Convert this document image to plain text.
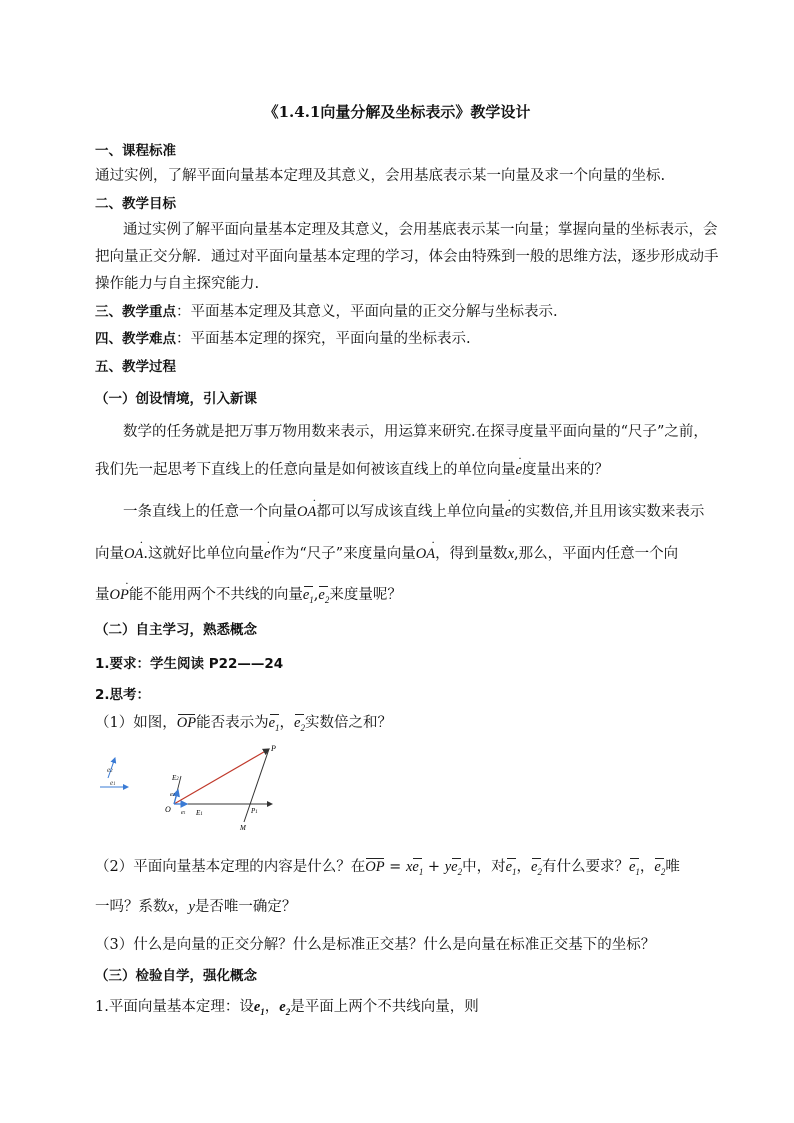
《1.4.1向量分解及坐标表示》教学设计
一、课程标准
通过实例，了解平面向量基本定理及其意义，会用基底表示某一向量及求一个向量的坐标.
二、教学目标
通过实例了解平面向量基本定理及其意义，会用基底表示某一向量；掌握向量的坐标表示，会
把向量正交分解．通过对平面向量基本定理的学习，体会由特殊到一般的思维方法，逐步形成动手
操作能力与自主探究能力.
三、教学重点：平面基本定理及其意义，平面向量的正交分解与坐标表示.
四、教学难点：平面基本定理的探究，平面向量的坐标表示.
五、教学过程
（一）创设情境，引入新课
数学的任务就是把万事万物用数来表示，用运算来研究.在探寻度量平面向量的“尺子”之前，
我们先一起思考下直线上的任意向量是如何被该直线上的单位向量e ·度量出来的？
一条直线上的任意一个向量OA ·都可以写成该直线上单位向量e ·的实数倍,并且用该实数来表示
向量OA ·.这就好比单位向量e ·作为“尺子”来度量向量OA ·，得到量数x,那么，平面内任意一个向
量OP ·能不能用两个不共线的向量$e_1,e_2$来度量呢？
（二）自主学习，熟悉概念
1.要求：学生阅读 P22——24
2.思考：
（1）如图，OP能否表示为$e_1$，$e_2$实数倍之和？
e1
e2
P
O
M
E2
E1	P1
e2
e1
（2）平面向量基本定理的内容是什么？在OP = $xe_1 + ye_2$中，对$e_1$，$e_2$有什么要求？$e_1$，$e_2$唯
一吗？系数x，y是否唯一确定？
（3）什么是向量的正交分解？什么是标准正交基？什么是向量在标准正交基下的坐标？
（三）检验自学，强化概念
1.平面向量基本定理：设$e_1$，$e_2$是平面上两个不共线向量，则
